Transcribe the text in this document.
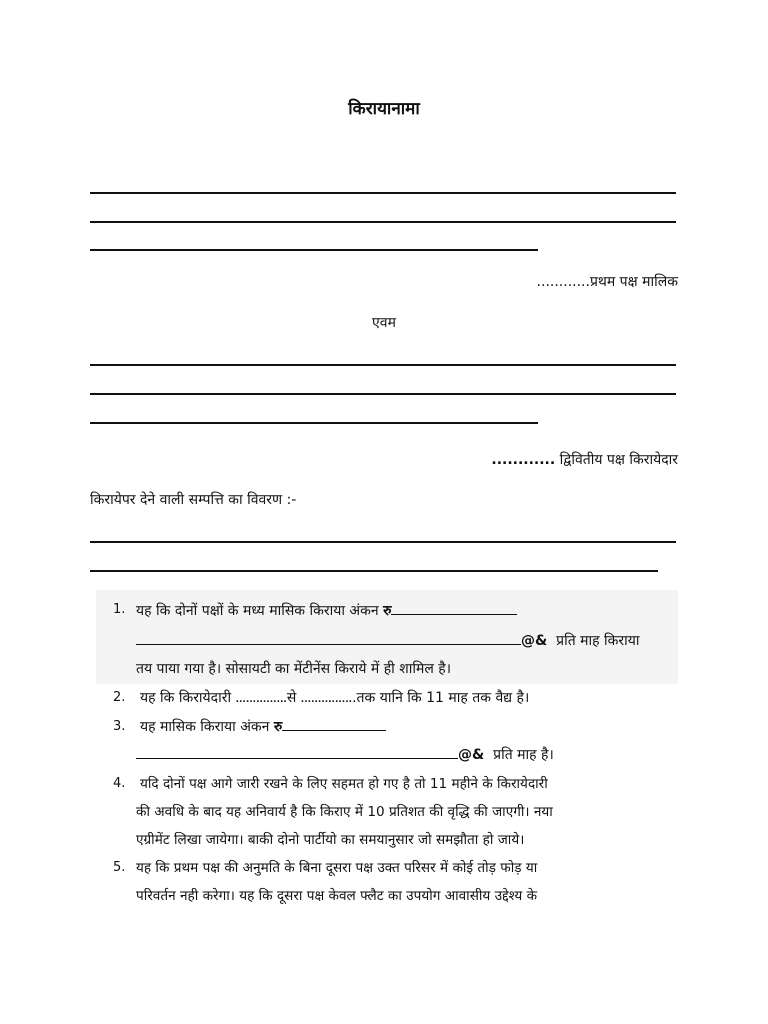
किरायानामा
............प्रथम पक्ष मालिक
एवम
............ द्विवितीय पक्ष किरायेदार
किरायेपर देने वाली सम्पत्ति का विवरण :-
1. यह कि दोनों पक्षों के मध्य मासिक किराया अंकन रु
@& प्रति माह किराया
तय पाया गया है। सोसायटी का मेंटीनेंस किराये में ही शामिल है।
2. यह कि किरायेदारी ...............से ................तक यानि कि 11 माह तक वैद्य है।
3. यह मासिक किराया अंकन रु
@& प्रति माह है।
4. यदि दोनों पक्ष आगे जारी रखने के लिए सहमत हो गए है तो 11 महीने के किरायेदारी
की अवधि के बाद यह अनिवार्य है कि किराए में 10 प्रतिशत की वृद्धि की जाएगी। नया
एग्रीमेंट लिखा जायेगा। बाकी दोनो पार्टीयो का समयानुसार जो समझौता हो जाये।
5. यह कि प्रथम पक्ष की अनुमति के बिना दूसरा पक्ष उक्त परिसर में कोई तोड़ फोड़ या
परिवर्तन नही करेगा। यह कि दूसरा पक्ष केवल फ्लैट का उपयोग आवासीय उद्देश्य के
